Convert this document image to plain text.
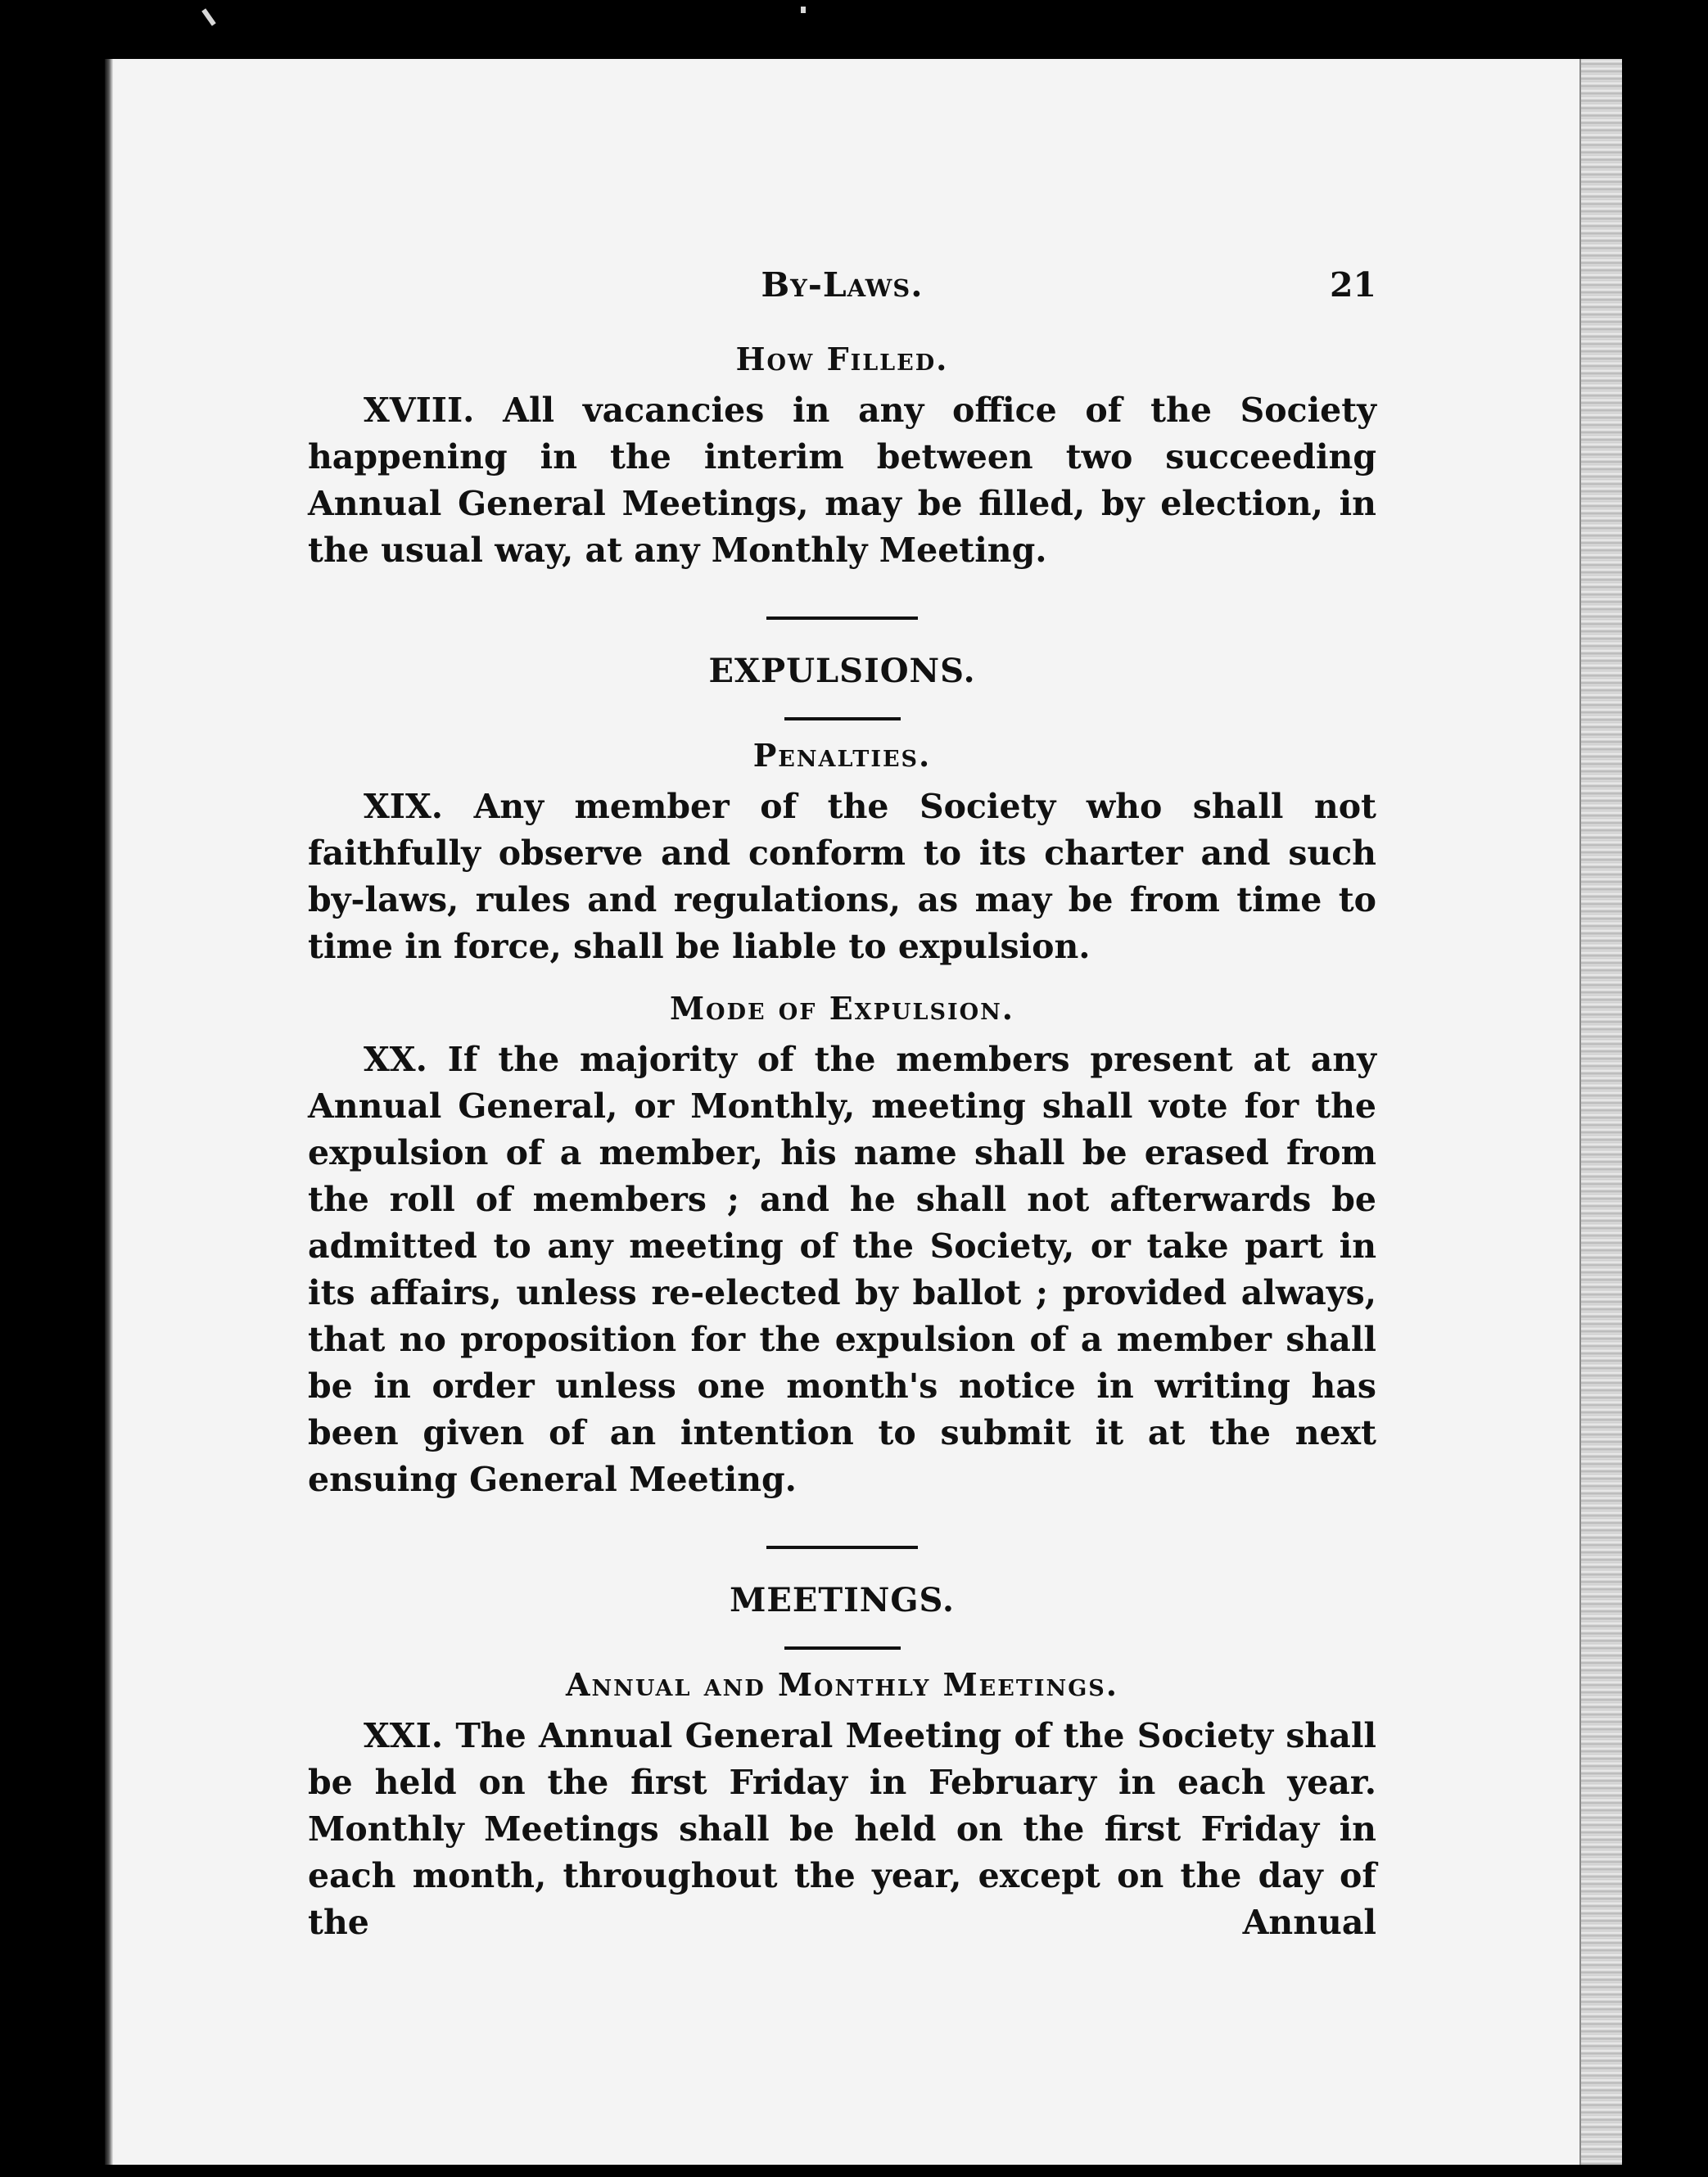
By-Laws.	21
How Filled.

XVIII. All vacancies in any office of the Society happening in the interim between two succeeding Annual General Meetings, may be filled, by election, in the usual way, at any Monthly Meeting.

EXPULSIONS.
Penalties.

XIX. Any member of the Society who shall not faithfully observe and conform to its charter and such by-laws, rules and regulations, as may be from time to time in force, shall be liable to expulsion.

Mode of Expulsion.

XX. If the majority of the members present at any Annual General, or Monthly, meeting shall vote for the expulsion of a member, his name shall be erased from the roll of members ; and he shall not afterwards be admitted to any meeting of the Society, or take part in its affairs, unless re-elected by ballot ; provided always, that no proposition for the expulsion of a member shall be in order unless one month's notice in writing has been given of an intention to submit it at the next ensuing General Meeting.

MEETINGS.
Annual and Monthly Meetings.

XXI. The Annual General Meeting of the Society shall be held on the first Friday in February in each year. Monthly Meetings shall be held on the first Friday in each month, throughout the year, except on the day of the Annual
